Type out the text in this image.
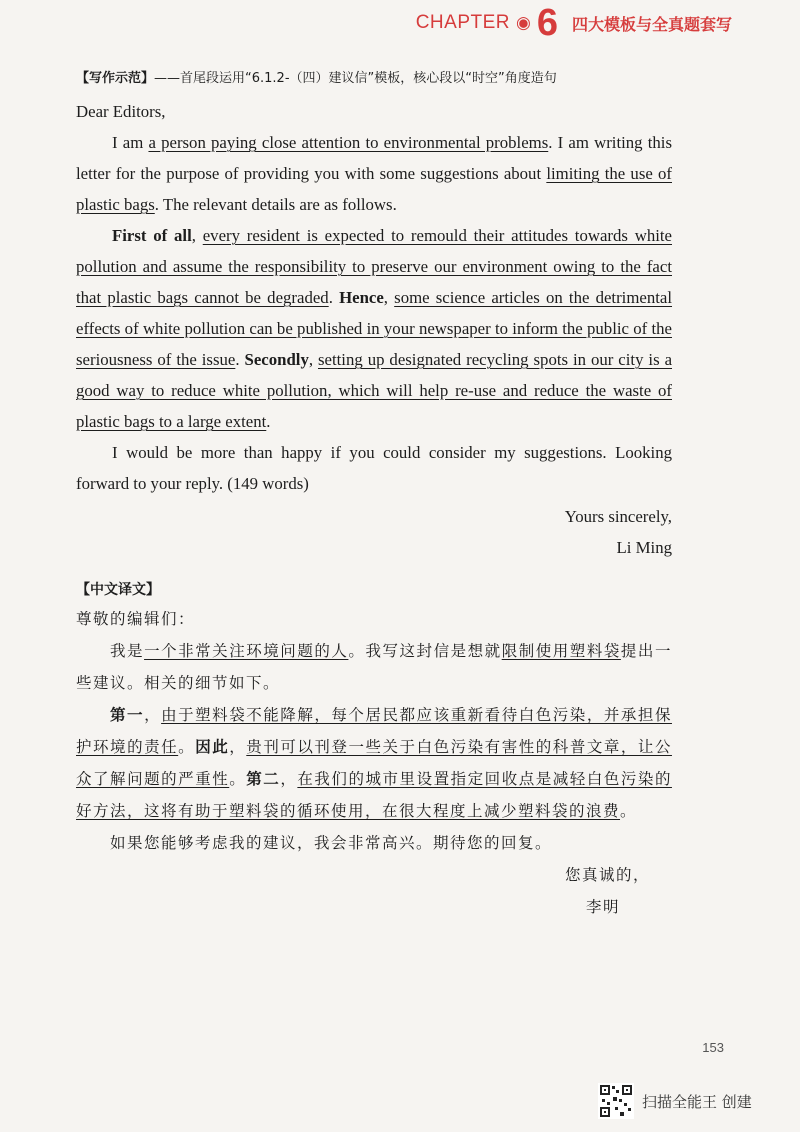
CHAPTER ◉ 6 四大模板与全真题套写
【写作示范】——首尾段运用“6.1.2-（四）建议信”模板，核心段以“时空”角度造句

Dear Editors,

I am a person paying close attention to environmental problems. I am writing this letter for the purpose of providing you with some suggestions about limiting the use of plastic bags. The relevant details are as follows.

First of all, every resident is expected to remould their attitudes towards white pollution and assume the responsibility to preserve our environment owing to the fact that plastic bags cannot be degraded. Hence, some science articles on the detrimental effects of white pollution can be published in your newspaper to inform the public of the seriousness of the issue. Secondly, setting up designated recycling spots in our city is a good way to reduce white pollution, which will help re-use and reduce the waste of plastic bags to a large extent.

I would be more than happy if you could consider my suggestions. Looking forward to your reply. (149 words)

Yours sincerely,

Li Ming

【中文译文】

尊敬的编辑们：

我是一个非常关注环境问题的人。我写这封信是想就限制使用塑料袋提出一些建议。相关的细节如下。

第一，由于塑料袋不能降解，每个居民都应该重新看待白色污染，并承担保护环境的责任。因此，贵刊可以刊登一些关于白色污染有害性的科普文章，让公众了解问题的严重性。第二，在我们的城市里设置指定回收点是减轻白色污染的好方法，这将有助于塑料袋的循环使用，在很大程度上减少塑料袋的浪费。

如果您能够考虑我的建议，我会非常高兴。期待您的回复。

您真诚的，

李明

153
扫描全能王 创建
